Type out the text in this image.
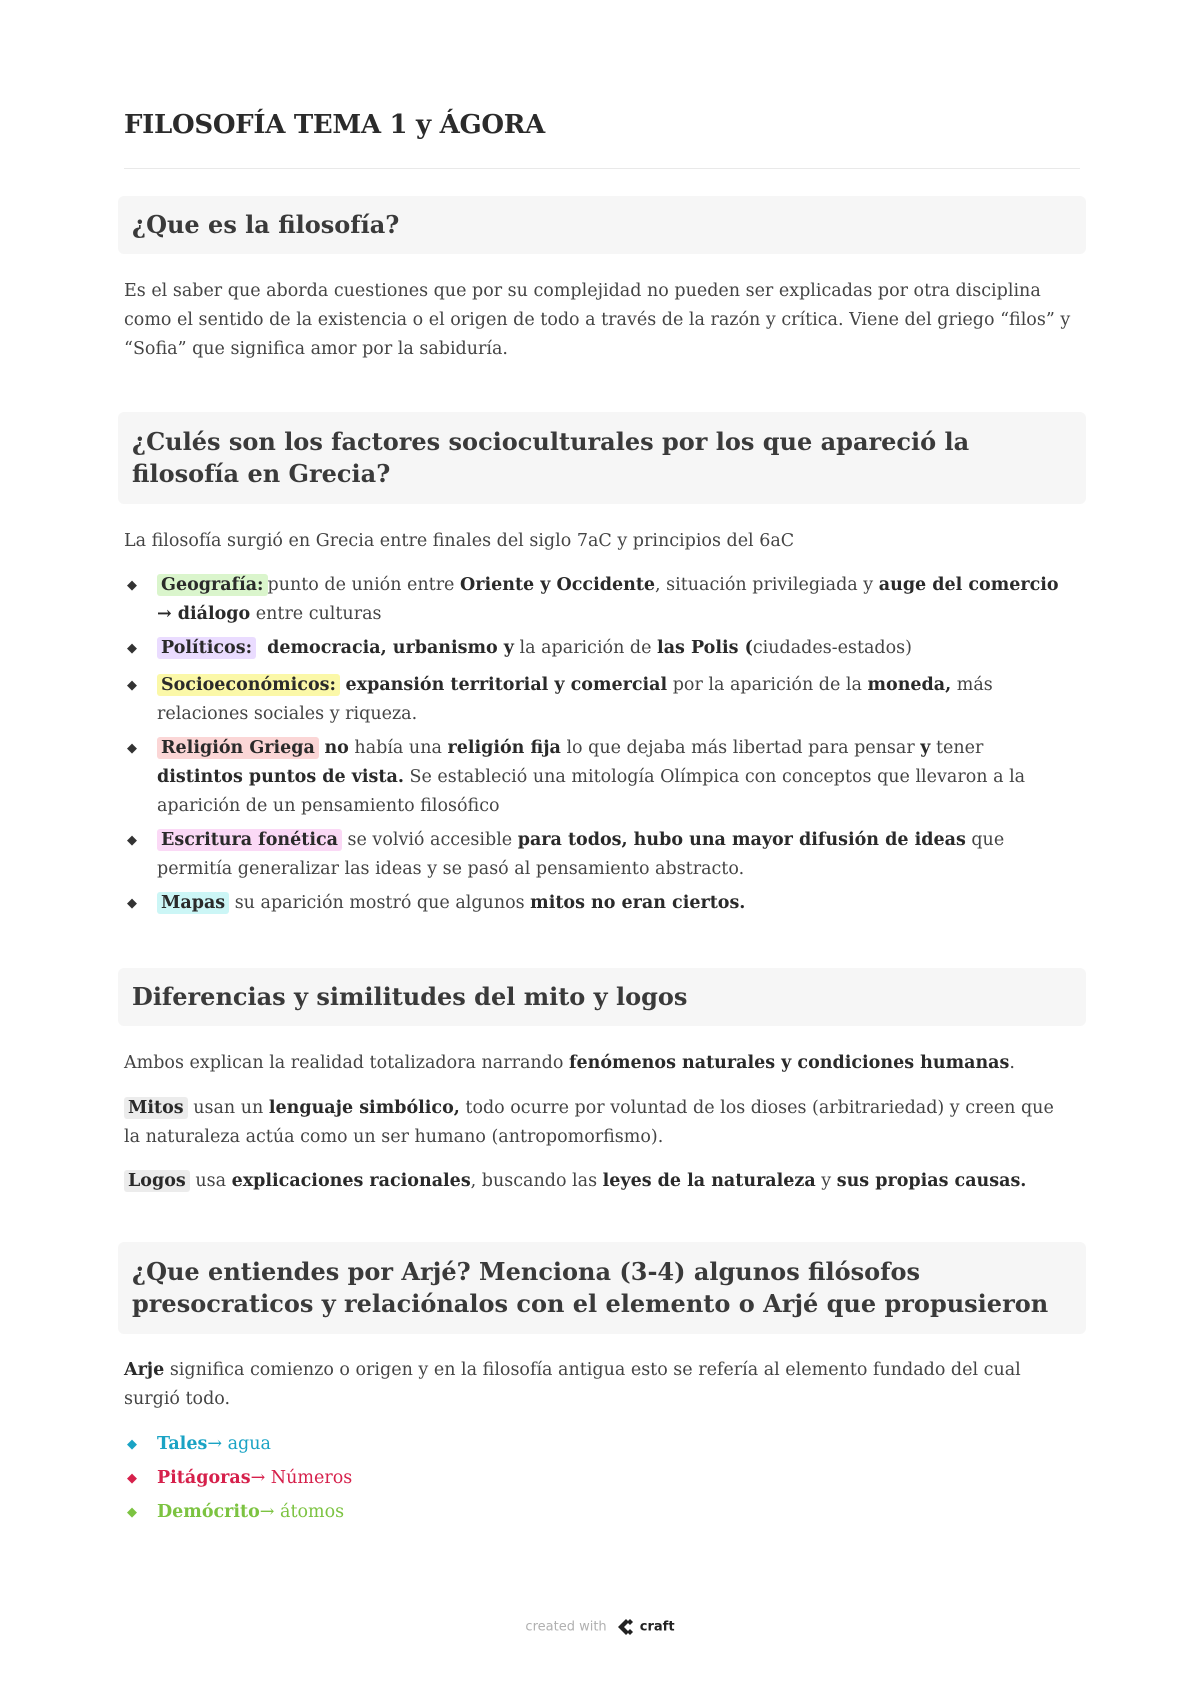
FILOSOFÍA TEMA 1 y ÁGORA
¿Que es la filosofía?

Es el saber que aborda cuestiones que por su complejidad no pueden ser explicadas por otra disciplina como el sentido de la existencia o el origen de todo a través de la razón y crítica. Viene del griego “filos” y “Sofia” que significa amor por la sabiduría.

¿Culés son los factores socioculturales por los que apareció la filosofía en Grecia?

La filosofía surgió en Grecia entre finales del siglo 7aC y principios del 6aC

◆ Geografía: punto de unión entre Oriente y Occidente, situación privilegiada y auge del comercio → diálogo entre culturas
◆ Políticos: democracia, urbanismo y la aparición de las Polis (ciudades-estados)
◆ Socioeconómicos: expansión territorial y comercial por la aparición de la moneda, más relaciones sociales y riqueza.
◆ Religión Griega no había una religión fija lo que dejaba más libertad para pensar y tener distintos puntos de vista. Se estableció una mitología Olímpica con conceptos que llevaron a la aparición de un pensamiento filosófico
◆ Escritura fonética se volvió accesible para todos, hubo una mayor difusión de ideas que permitía generalizar las ideas y se pasó al pensamiento abstracto.
◆ Mapas su aparición mostró que algunos mitos no eran ciertos.
Diferencias y similitudes del mito y logos

Ambos explican la realidad totalizadora narrando fenómenos naturales y condiciones humanas.

Mitos usan un lenguaje simbólico, todo ocurre por voluntad de los dioses (arbitrariedad) y creen que la naturaleza actúa como un ser humano (antropomorfismo).

Logos usa explicaciones racionales, buscando las leyes de la naturaleza y sus propias causas.

¿Que entiendes por Arjé? Menciona (3-4) algunos filósofos presocraticos y relaciónalos con el elemento o Arjé que propusieron

Arje significa comienzo o origen y en la filosofía antigua esto se refería al elemento fundado del cual surgió todo.

◆ Tales→ agua
◆ Pitágoras→ Números
◆ Demócrito→ átomos
created with	craft
